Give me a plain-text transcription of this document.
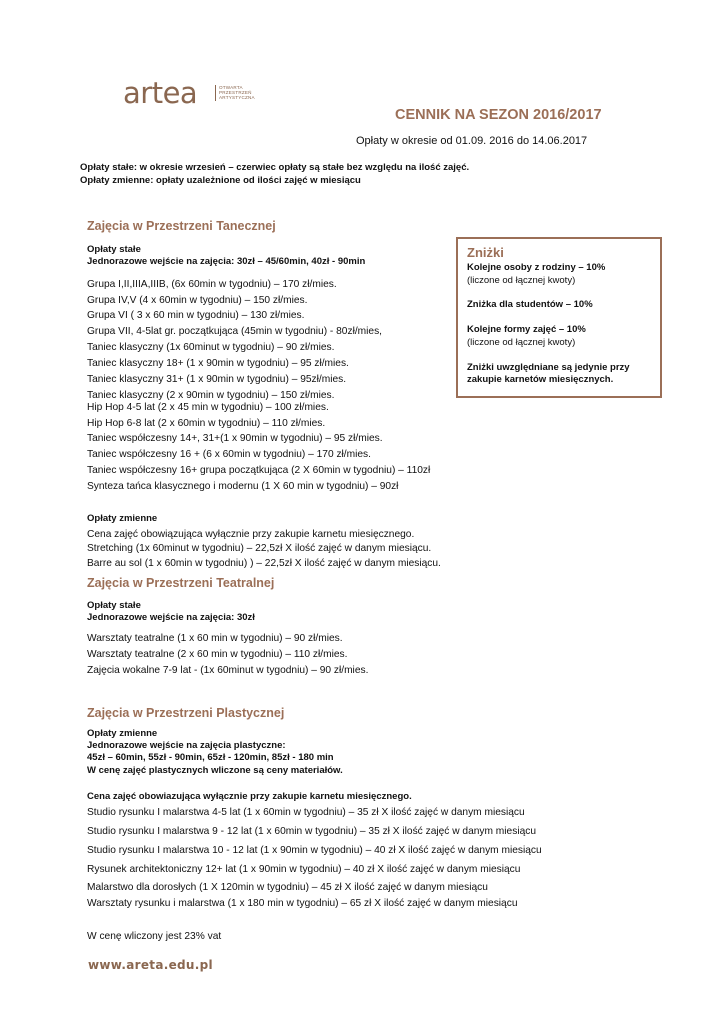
artea	OTWARTA
PRZESTRZEŃ
ARTYSTYCZNA
CENNIK NA SEZON 2016/2017
Opłaty w okresie od 01.09. 2016 do 14.06.2017
Opłaty stałe: w okresie wrzesień – czerwiec opłaty są stałe bez względu na ilość zajęć.
Opłaty zmienne: opłaty uzależnione od ilości zajęć w miesiącu
Zajęcia w Przestrzeni Tanecznej
Opłaty stałe
Jednorazowe wejście na zajęcia: 30zł – 45/60min, 40zł - 90min
Grupa I,II,IIIA,IIIB, (6x 60min w tygodniu) – 170 zł/mies.
Grupa IV,V (4 x 60min w tygodniu) – 150 zł/mies.
Grupa VI ( 3 x 60 min w tygodniu) – 130 zł/mies.
Grupa VII, 4-5lat gr. początkująca (45min w tygodniu) - 80zł/mies,
Taniec klasyczny (1x 60minut w tygodniu) – 90 zł/mies.
Taniec klasyczny 18+ (1 x 90min w tygodniu) – 95 zł/mies.
Taniec klasyczny 31+ (1 x 90min w tygodniu) – 95zł/mies.
Taniec klasyczny (2 x 90min w tygodniu) – 150 zł/mies.
Hip Hop 4-5 lat (2 x 45 min w tygodniu) – 100 zł/mies.
Hip Hop 6-8 lat (2 x 60min w tygodniu) – 110 zł/mies.
Taniec współczesny 14+, 31+(1 x 90min w tygodniu) – 95 zł/mies.
Taniec współczesny 16 + (6 x 60min w tygodniu) – 170 zł/mies.
Taniec współczesny 16+ grupa początkująca (2 X 60min w tygodniu) – 110zł
Synteza tańca klasycznego i modernu (1 X 60 min w tygodniu) – 90zł
Opłaty zmienne
Cena zajęć obowiązująca wyłącznie przy zakupie karnetu miesięcznego.
Stretching (1x 60minut w tygodniu) – 22,5zł X ilość zajęć w danym miesiącu.
Barre au sol (1 x 60min w tygodniu) ) – 22,5zł X ilość zajęć w danym miesiącu.
Zniżki
Kolejne osoby z rodziny – 10%
(liczone od łącznej kwoty)
Zniżka dla studentów – 10%
Kolejne formy zajęć – 10%
(liczone od łącznej kwoty)
Zniżki uwzględniane są jedynie przy
zakupie karnetów miesięcznych.
Zajęcia w Przestrzeni Teatralnej
Opłaty stałe
Jednorazowe wejście na zajęcia: 30zł
Warsztaty teatralne (1 x 60 min w tygodniu) – 90 zł/mies.
Warsztaty teatralne (2 x 60 min w tygodniu) – 110 zł/mies.
Zajęcia wokalne 7-9 lat - (1x 60minut w tygodniu) – 90 zł/mies.
Zajęcia w Przestrzeni Plastycznej
Opłaty zmienne
Jednorazowe wejście na zajęcia plastyczne:
45zł – 60min, 55zł - 90min, 65zł - 120min, 85zł - 180 min
W cenę zajęć plastycznych wliczone są ceny materiałów.
Cena zajęć obowiazująca wyłącznie przy zakupie karnetu miesięcznego.
Studio rysunku I malarstwa 4-5 lat (1 x 60min w tygodniu) – 35 zł X ilość zajęć w danym miesiącu
Studio rysunku I malarstwa 9 - 12 lat (1 x 60min w tygodniu) – 35 zł X ilość zajęć w danym miesiącu
Studio rysunku I malarstwa 10 - 12 lat (1 x 90min w tygodniu) – 40 zł X ilość zajęć w danym miesiącu
Rysunek architektoniczny 12+ lat (1 x 90min w tygodniu) – 40 zł X ilość zajęć w danym miesiącu
Malarstwo dla dorosłych (1 X 120min w tygodniu) – 45 zł X ilość zajęć w danym miesiącu
Warsztaty rysunku i malarstwa (1 x 180 min w tygodniu) – 65 zł X ilość zajęć w danym miesiącu
W cenę wliczony jest 23% vat
www.areta.edu.pl
